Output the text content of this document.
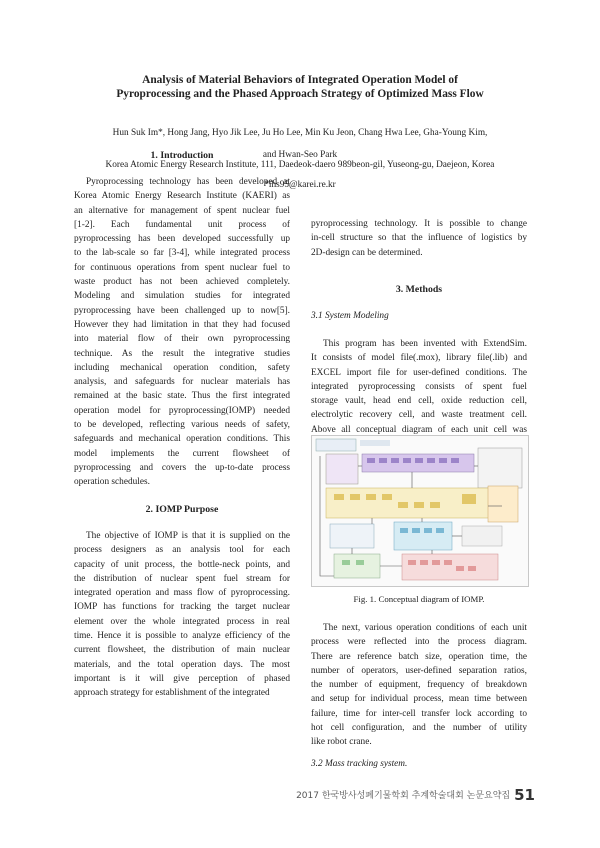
Analysis of Material Behaviors of Integrated Operation Model of
Pyroprocessing and the Phased Approach Strategy of Optimized Mass Flow
Hun Suk Im*, Hong Jang, Hyo Jik Lee, Ju Ho Lee, Min Ku Jeon, Chang Hwa Lee, Gha-Young Kim,
and Hwan-Seo Park
Korea Atomic Energy Research Institute, 111, Daedeok-daero 989beon-gil, Yuseong-gu, Daejeon, Korea
*ihs95@karei.re.kr
1. Introduction
Pyroprocessing technology has been developed at
Korea Atomic Energy Research Institute (KAERI) as
an alternative for management of spent nuclear fuel
[1-2]. Each fundamental unit process of
pyroprocessing has been developed successfully up
to the lab-scale so far [3-4], while integrated process
for continuous operations from spent nuclear fuel to
waste product has not been achieved completely.
Modeling and simulation studies for integrated
pyroprocessing have been challenged up to now[5].
However they had limitation in that they had focused
into material flow of their own pyroprocessing
technique. As the result the integrative studies
including mechanical operation condition, safety
analysis, and safeguards for nuclear materials has
remained at the basic state. Thus the first integrated
operation model for pyroprocessing(IOMP) needed
to be developed, reflecting various needs of safety,
safeguards and mechanical operation conditions. This
model implements the current flowsheet of
pyroprocessing and covers the up-to-date process
operation schedules.
2. IOMP Purpose
The objective of IOMP is that it is supplied on the
process designers as an analysis tool for each
capacity of unit process, the bottle-neck points, and
the distribution of nuclear spent fuel stream for
integrated operation and mass flow of pyroprocessing.
IOMP has functions for tracking the target nuclear
element over the whole integrated process in real
time. Hence it is possible to analyze efficiency of the
current flowsheet, the distribution of main nuclear
materials, and the total operation days. The most
important is it will give perception of phased
approach strategy for establishment of the integrated
pyroprocessing technology. It is possible to change
in-cell structure so that the influence of logistics by
2D-design can be determined.
3. Methods
3.1 System Modeling
This program has been invented with ExtendSim.
It consists of model file(.mox), library file(.lib) and
EXCEL import file for user-defined conditions. The
integrated pyroprocessing consists of spent fuel
storage vault, head end cell, oxide reduction cell,
electrolytic recovery cell, and waste treatment cell.
Above all conceptual diagram of each unit cell was
Fig. 1. Conceptual diagram of IOMP.
The next, various operation conditions of each unit
process were reflected into the process diagram.
There are reference batch size, operation time, the
number of operators, user-defined separation ratios,
the number of equipment, frequency of breakdown
and setup for individual process, mean time between
failure, time for inter-cell transfer lock according to
hot cell configuration, and the number of utility
like robot crane.
3.2 Mass tracking system.
2017 한국방사성폐기물학회 추계학술대회 논문요약집 51
